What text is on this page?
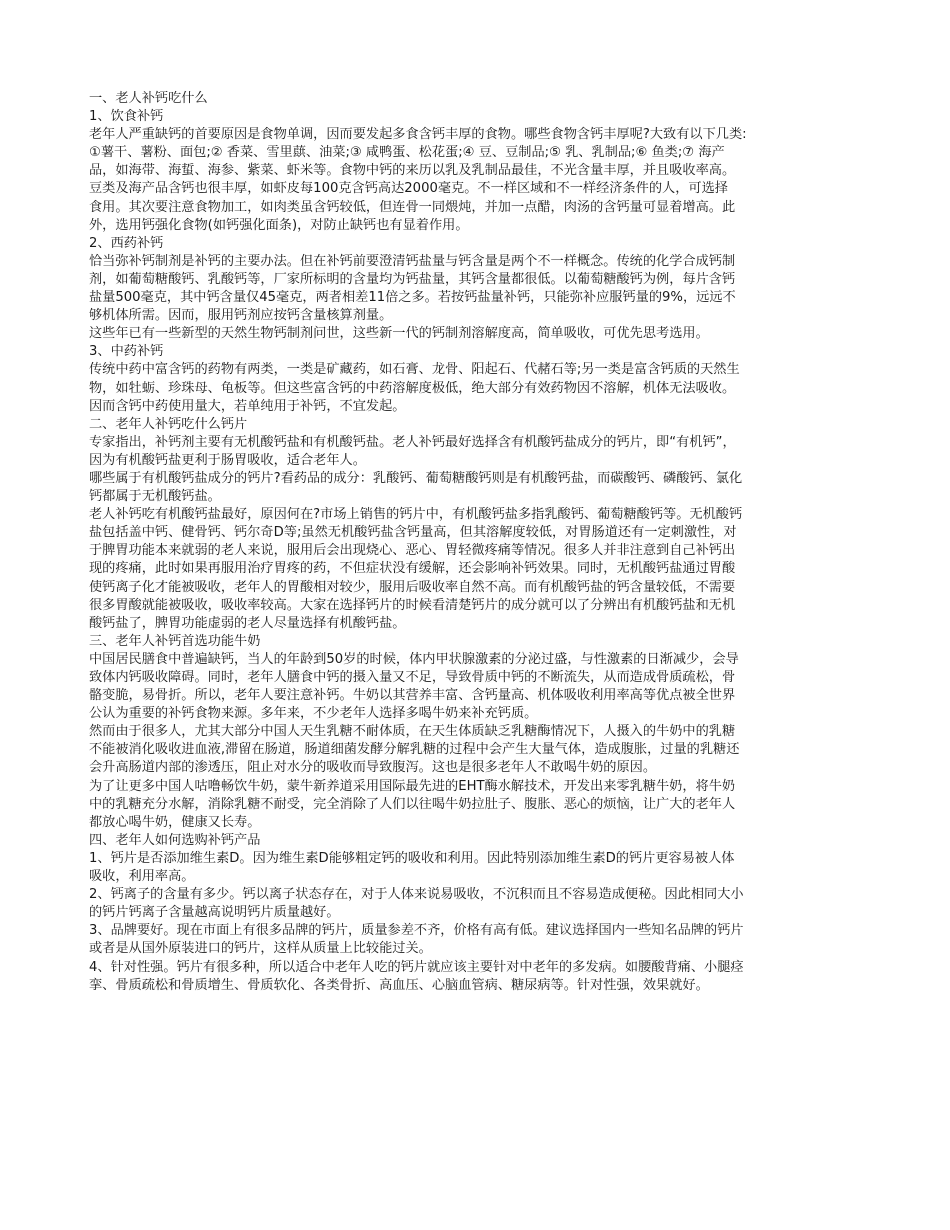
一、老人补钙吃什么
1、饮食补钙
老年人严重缺钙的首要原因是食物单调，因而要发起多食含钙丰厚的食物。哪些食物含钙丰厚呢?大致有以下几类:
①薯干、薯粉、面包;② 香菜、雪里蕻、油菜;③ 咸鸭蛋、松花蛋;④ 豆、豆制品;⑤ 乳、乳制品;⑥ 鱼类;⑦ 海产
品，如海带、海蜇、海参、紫菜、虾米等。食物中钙的来历以乳及乳制品最佳，不光含量丰厚，并且吸收率高。
豆类及海产品含钙也很丰厚，如虾皮每100克含钙高达2000毫克。不一样区域和不一样经济条件的人，可选择
食用。其次要注意食物加工，如肉类虽含钙较低，但连骨一同煨炖，并加一点醋，肉汤的含钙量可显着增高。此
外，选用钙强化食物(如钙强化面条)，对防止缺钙也有显着作用。
2、西药补钙
恰当弥补钙制剂是补钙的主要办法。但在补钙前要澄清钙盐量与钙含量是两个不一样概念。传统的化学合成钙制
剂，如葡萄糖酸钙、乳酸钙等，厂家所标明的含量均为钙盐量，其钙含量都很低。以葡萄糖酸钙为例，每片含钙
盐量500毫克，其中钙含量仅45毫克，两者相差11倍之多。若按钙盐量补钙，只能弥补应服钙量的9%，远远不
够机体所需。因而，服用钙剂应按钙含量核算剂量。
这些年已有一些新型的天然生物钙制剂问世，这些新一代的钙制剂溶解度高，简单吸收，可优先思考选用。
3、中药补钙
传统中药中富含钙的药物有两类，一类是矿藏药，如石膏、龙骨、阳起石、代赭石等;另一类是富含钙质的天然生
物，如牡蛎、珍珠母、龟板等。但这些富含钙的中药溶解度极低，绝大部分有效药物因不溶解，机体无法吸收。
因而含钙中药使用量大，若单纯用于补钙，不宜发起。
二、老年人补钙吃什么钙片
专家指出，补钙剂主要有无机酸钙盐和有机酸钙盐。老人补钙最好选择含有机酸钙盐成分的钙片，即“有机钙”，
因为有机酸钙盐更利于肠胃吸收，适合老年人。
哪些属于有机酸钙盐成分的钙片?看药品的成分：乳酸钙、葡萄糖酸钙则是有机酸钙盐，而碳酸钙、磷酸钙、氯化
钙都属于无机酸钙盐。
老人补钙吃有机酸钙盐最好，原因何在?市场上销售的钙片中，有机酸钙盐多指乳酸钙、葡萄糖酸钙等。无机酸钙
盐包括盖中钙、健骨钙、钙尔奇D等;虽然无机酸钙盐含钙量高，但其溶解度较低，对胃肠道还有一定刺激性，对
于脾胃功能本来就弱的老人来说，服用后会出现烧心、恶心、胃轻微疼痛等情况。很多人并非注意到自己补钙出
现的疼痛，此时如果再服用治疗胃疼的药，不但症状没有缓解，还会影响补钙效果。同时，无机酸钙盐通过胃酸
使钙离子化才能被吸收，老年人的胃酸相对较少，服用后吸收率自然不高。而有机酸钙盐的钙含量较低，不需要
很多胃酸就能被吸收，吸收率较高。大家在选择钙片的时候看清楚钙片的成分就可以了分辨出有机酸钙盐和无机
酸钙盐了，脾胃功能虚弱的老人尽量选择有机酸钙盐。
三、老年人补钙首选功能牛奶
中国居民膳食中普遍缺钙，当人的年龄到50岁的时候，体内甲状腺激素的分泌过盛，与性激素的日渐减少，会导
致体内钙吸收障碍。同时，老年人膳食中钙的摄入量又不足，导致骨质中钙的不断流失，从而造成骨质疏松，骨
骼变脆，易骨折。所以，老年人要注意补钙。牛奶以其营养丰富、含钙量高、机体吸收利用率高等优点被全世界
公认为重要的补钙食物来源。多年来，不少老年人选择多喝牛奶来补充钙质。
然而由于很多人，尤其大部分中国人天生乳糖不耐体质，在天生体质缺乏乳糖酶情况下，人摄入的牛奶中的乳糖
不能被消化吸收进血液,滞留在肠道，肠道细菌发酵分解乳糖的过程中会产生大量气体，造成腹胀，过量的乳糖还
会升高肠道内部的渗透压，阻止对水分的吸收而导致腹泻。这也是很多老年人不敢喝牛奶的原因。
为了让更多中国人咕噜畅饮牛奶，蒙牛新养道采用国际最先进的EHT酶水解技术，开发出来零乳糖牛奶，将牛奶
中的乳糖充分水解，消除乳糖不耐受，完全消除了人们以往喝牛奶拉肚子、腹胀、恶心的烦恼，让广大的老年人
都放心喝牛奶，健康又长寿。
四、老年人如何选购补钙产品
1、钙片是否添加维生素D。因为维生素D能够粗定钙的吸收和利用。因此特别添加维生素D的钙片更容易被人体
吸收，利用率高。
2、钙离子的含量有多少。钙以离子状态存在，对于人体来说易吸收，不沉积而且不容易造成便秘。因此相同大小
的钙片钙离子含量越高说明钙片质量越好。
3、品牌要好。现在市面上有很多品牌的钙片，质量参差不齐，价格有高有低。建议选择国内一些知名品牌的钙片
或者是从国外原装进口的钙片，这样从质量上比较能过关。
4、针对性强。钙片有很多种，所以适合中老年人吃的钙片就应该主要针对中老年的多发病。如腰酸背痛、小腿痉
挛、骨质疏松和骨质增生、骨质软化、各类骨折、高血压、心脑血管病、糖尿病等。针对性强，效果就好。
